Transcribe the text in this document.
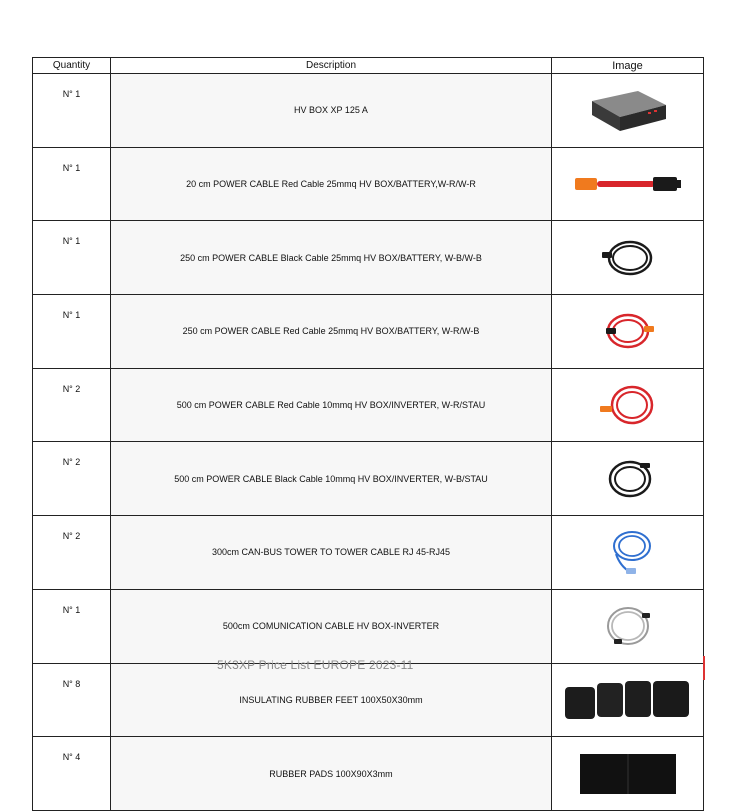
Quantity	Description	Image
N° 1	HV BOX XP 125 A	

N° 1	20 cm POWER CABLE Red Cable 25mmq HV BOX/BATTERY,W-R/W-R	

N° 1	250 cm POWER CABLE Black Cable 25mmq HV BOX/BATTERY, W-B/W-B	

N° 1	250 cm POWER CABLE Red Cable 25mmq HV BOX/BATTERY, W-R/W-B	

N° 2	500 cm POWER CABLE Red Cable 10mmq HV BOX/INVERTER, W-R/STAU	

N° 2	500 cm POWER CABLE Black Cable 10mmq HV BOX/INVERTER, W-B/STAU	

N° 2	300cm CAN-BUS TOWER TO TOWER CABLE RJ 45-RJ45	

N° 1	500cm COMUNICATION CABLE HV BOX-INVERTER	

N° 8	INSULATING RUBBER FEET 100X50X30mm	

N° 4	RUBBER PADS 100X90X3mm	
5K3XP Price List EUROPE 2023-11
